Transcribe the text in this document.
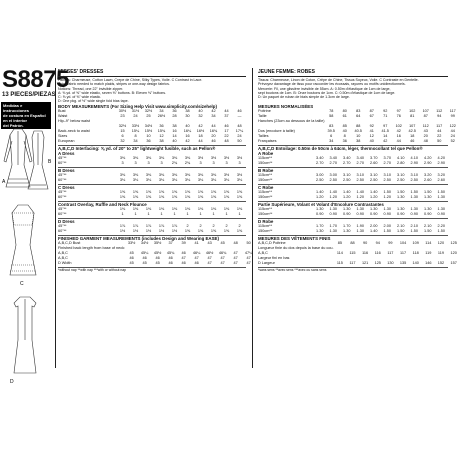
S8875
13 PIECES/PIEZAS
Medidas e instrucciones
de costura en Español
en el interior
del Patrón.
A
B
C
D
MISSES' DRESSES
Fabrics: Charmeuse, Cotton Lawn, Crepe de Chine, Silky Types, Voile. C Contrast in Lace.
Extra fabric needed to match plaids, stripes or one-way design fabrics.
Notions: Thread, one 22" invisible zipper.
A: ⅝ yd. of ⅝" wide elastic, seven ⅜" buttons. B: Eleven ⅜" buttons.
C: ⅝ yd. of ⅝" wide elastic.
D: One pkg. of ½" wide single fold bias tape.
BODY MEASUREMENTS (For Sizing Help Visit www.simplicity.com/sizehelp)
Bust	30½	31½	32½	34	36	38	40	42	44	46
Waist	23	24	25	26½	28	30	32	34	37	—
Hip–9" below waist										
	32½	33½	34½	36	38	40	42	44	46	48
Back-neck to waist	15	15¼	15½	15¾	16	16¼	16½	16¾	17	17¼
Sizes	6	8	10	12	14	16	18	20	22	24
European	32	34	36	38	40	42	44	46	48	50
A,B,C,D Interfacing: ⅝ yd. of 20" to 25" lightweight fusible, such as Pellon®
A Dress
45"**	3⅜	3⅜	3⅜	3⅜	3⅜	3⅜	3½	3½	3½	3½
60"**	3	3	3	3	2¾	2¾	3	3	3	3
B Dress
45"**	3⅜	3⅜	3⅜	3⅜	3⅜	3⅜	3⅜	3⅜	3½	3½
60"**	3⅛	3⅛	3⅛	3⅛	3⅛	3⅛	3⅛	3⅛	3⅛	3⅛
C Dress
45"**	1⅝	1⅝	1⅝	1⅝	1⅝	1⅝	1⅝	1⅝	1⅝	1⅝
60"**	1⅝	1⅝	1⅝	1⅝	1⅝	1⅝	1⅝	1⅝	1⅝	1⅝
Contrast Overlay, Ruffle and Neck Flounce
45"**	1⅜	1⅜	1⅜	1⅜	1⅜	1⅜	1⅜	1⅜	1⅜	1⅜
60"**	1	1	1	1	1	1	1	1	1	1
D Dress
45"**	1⅞	1⅞	1⅞	1⅞	1⅞	2	2	2	2	2
60"**	1½	1½	1½	1½	1½	1⅝	1⅝	1⅝	1⅝	1⅝
FINISHED GARMENT MEASUREMENTS (includes Design and Wearing EASE)
A,B,C,D Bust	33½	34½	35½	37	39	41	43	45	48	50
Finished back length from base of neck:										
A,B,C	45	45¼	45½	45¾	46	46¼	46½	46¾	47	47¼
A,B,C	46	46	46	46	47	47	47	47	47	47
D Width	45	45	45	46	46	46	47	47	47	47
*without nap **with nap ***with or without nap
JEUNE FEMME: ROBES
Tissus: Charmeuse, Linon de Coton, Crêpe de Chine, Tissus Soyeux, Voile. C Contraste en Dentelle.
Prévoyez davantage de tissu pour raccorder les écossais, rayures ou motifs unidirectionnels.
Mercerie: Fil, une glissière invisible de 55cm. A: 0.50m d'élastique de 1cm de large,
sept boutons de 1cm. B: Onze boutons de 1cm. C: 0.50m d'élastique de 1cm de large.
D: Un paquet de ruban de biais simple de 1.3cm de large.
MESURES NORMALISÉES
Poitrine	78	80	83	87	92	97	102	107	112	117
Taille	58	61	64	67	71	76	81	87	94	99
Hanches (23cm au dessous de la taille)										
	83	85	88	92	97	102	107	112	117	122
Dos (encolure à taille)	39.5	40	40.5	41	41.5	42	42.5	43	44	44
Tailles	6	8	10	12	14	16	18	20	22	24
Françaises	34	36	38	40	42	44	46	48	50	52
A,B,C,D Entoilage: 0.50m de 50cm à 64cm, léger, thermocollant tel que Pellon®
A Robe
115cm**	3.40	3.40	3.40	3.40	3.70	3.70	4.10	4.10	4.20	4.20
150cm**	2.70	2.70	2.70	2.70	2.60	2.70	2.80	2.90	2.90	2.90
B Robe
115cm**	3.00	3.00	3.10	3.10	3.10	3.10	3.10	3.10	3.20	3.20
150cm**	2.50	2.50	2.50	2.50	2.50	2.50	2.50	2.50	2.60	2.60
C Robe
115cm**	1.40	1.40	1.40	1.40	1.40	1.50	1.50	1.50	1.50	1.50
150cm**	1.20	1.20	1.20	1.20	1.20	1.20	1.30	1.30	1.30	1.30
Partie Supérieure, Volant et Volant d'Encolure Contrastantes
115cm**	1.30	1.30	1.30	1.30	1.30	1.30	1.30	1.30	1.30	1.30
150cm**	0.90	0.90	0.90	0.90	0.90	0.90	0.90	0.90	0.90	0.90
D Robe
115cm**	1.70	1.70	1.70	1.90	2.00	2.00	2.10	2.10	2.10	2.20
150cm**	1.30	1.30	1.30	1.30	1.40	1.50	1.50	1.50	1.50	1.50
MESURES DES VÊTEMENTS FINIS
A,B,C,D Poitrine	85	88	90	94	99	104	109	114	120	125
Longueur finie du dos depuis la base du cou.										
A,B,C	114	115	116	116	117	117	118	119	119	120
Largeur fini en bas										
D Largeur	115	117	121	125	130	135	140	146	152	157
*sans sens **avec sens ***avec ou sans sens
